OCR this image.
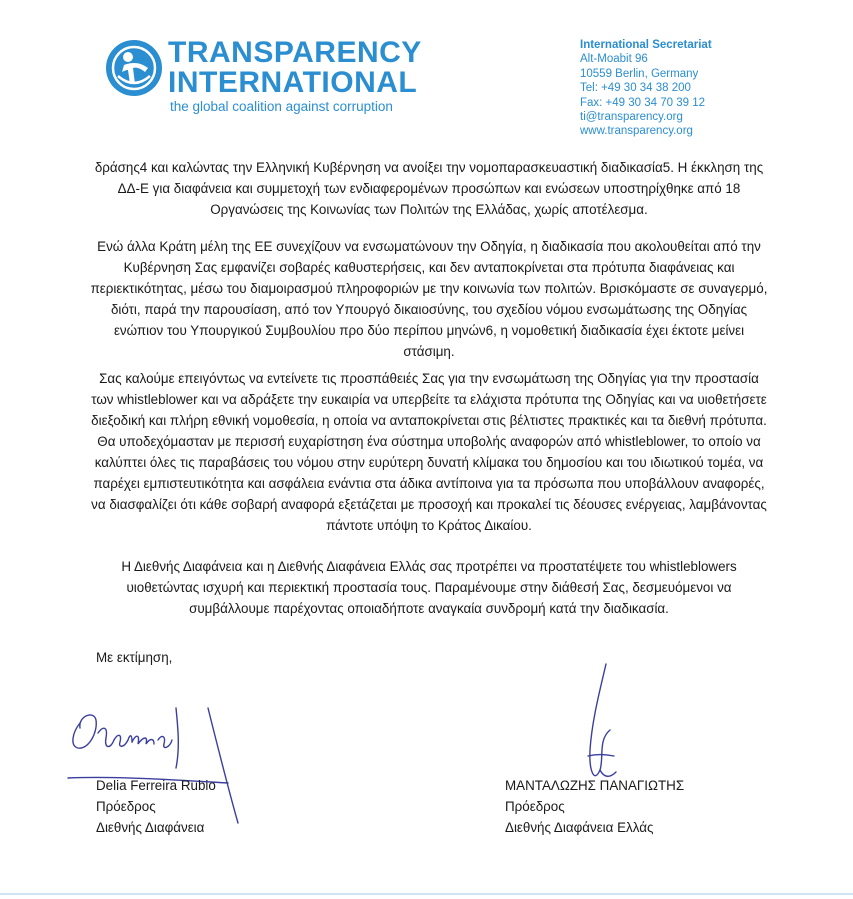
TRANSPARENCY
INTERNATIONAL
the global coalition against corruption
International Secretariat
Alt-Moabit 96
10559 Berlin, Germany
Tel: +49 30 34 38 200
Fax: +49 30 34 70 39 12
ti@transparency.org
www.transparency.org

δράσης4 και καλώντας την Ελληνική Κυβέρνηση να ανοίξει την νομοπαρασκευαστική διαδικασία5. Η έκκληση της ΔΔ-Ε για διαφάνεια και συμμετοχή των ενδιαφερομένων προσώπων και ενώσεων υποστηρίχθηκε από 18 Οργανώσεις της Κοινωνίας των Πολιτών της Ελλάδας, χωρίς αποτέλεσμα.

Ενώ άλλα Κράτη μέλη της ΕΕ συνεχίζουν να ενσωματώνουν την Οδηγία, η διαδικασία που ακολουθείται από την Κυβέρνηση Σας εμφανίζει σοβαρές καθυστερήσεις, και δεν ανταποκρίνεται στα πρότυπα διαφάνειας και περιεκτικότητας, μέσω του διαμοιρασμού πληροφοριών με την κοινωνία των πολιτών. Βρισκόμαστε σε συναγερμό, διότι, παρά την παρουσίαση, από τον Υπουργό δικαιοσύνης, του σχεδίου νόμου ενσωμάτωσης της Οδηγίας ενώπιον του Υπουργικού Συμβουλίου προ δύο περίπου μηνών6, η νομοθετική διαδικασία έχει έκτοτε μείνει στάσιμη.

Σας καλούμε επειγόντως να εντείνετε τις προσπάθειές Σας για την ενσωμάτωση της Οδηγίας για την προστασία των whistleblower και να αδράξετε την ευκαιρία να υπερβείτε τα ελάχιστα πρότυπα της Οδηγίας και να υιοθετήσετε διεξοδική και πλήρη εθνική νομοθεσία, η οποία να ανταποκρίνεται στις βέλτιστες πρακτικές και τα διεθνή πρότυπα. Θα υποδεχόμασταν με περισσή ευχαρίστηση ένα σύστημα υποβολής αναφορών από whistleblower, το οποίο να καλύπτει όλες τις παραβάσεις του νόμου στην ευρύτερη δυνατή κλίμακα του δημοσίου και του ιδιωτικού τομέα, να παρέχει εμπιστευτικότητα και ασφάλεια ενάντια στα άδικα αντίποινα για τα πρόσωπα που υποβάλλουν αναφορές, να διασφαλίζει ότι κάθε σοβαρή αναφορά εξετάζεται με προσοχή και προκαλεί τις δέουσες ενέργειας, λαμβάνοντας πάντοτε υπόψη το Κράτος Δικαίου.

Η Διεθνής Διαφάνεια και η Διεθνής Διαφάνεια Ελλάς σας προτρέπει να προστατέψετε του whistleblowers υιοθετώντας ισχυρή και περιεκτική προστασία τους. Παραμένουμε στην διάθεσή Σας, δεσμευόμενοι να συμβάλλουμε παρέχοντας οποιαδήποτε αναγκαία συνδρομή κατά την διαδικασία.

Με εκτίμηση,
Delia Ferreira Rubio
Πρόεδρος
Διεθνής Διαφάνεια
ΜΑΝΤΑΛΩΖΗΣ ΠΑΝΑΓΙΩΤΗΣ
Πρόεδρος
Διεθνής Διαφάνεια Ελλάς
